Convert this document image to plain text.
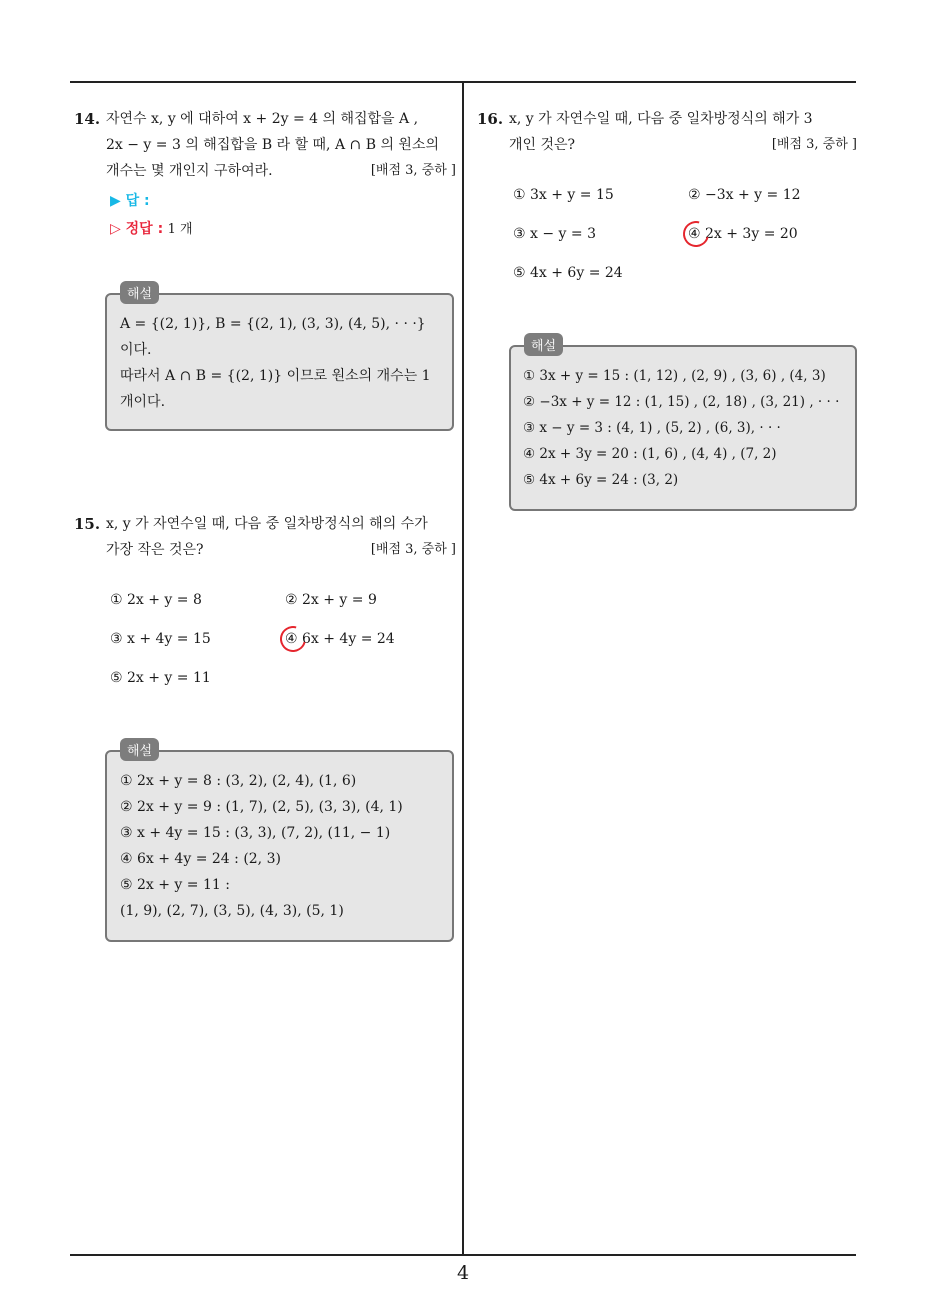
4
14. 자연수 x, y 에 대하여 x + 2y = 4 의 해집합을 A ,
2x − y = 3 의 해집합을 B 라 할 때, A ∩ B 의 원소의
개수는 몇 개인지 구하여라.	[배점 3, 중하 ]
▶ 답 :
▷ 정답 : 1 개
A = {(2, 1)}, B = {(2, 1), (3, 3), (4, 5), · · ·}
이다.
따라서 A ∩ B = {(2, 1)} 이므로 원소의 개수는 1
개이다.
해설
15. x, y 가 자연수일 때, 다음 중 일차방정식의 해의 수가
가장 작은 것은?	[배점 3, 중하 ]
① 2x + y = 8	② 2x + y = 9
③ x + 4y = 15	④ 6x + 4y = 24
⑤ 2x + y = 11
① 2x + y = 8 : (3, 2), (2, 4), (1, 6)
② 2x + y = 9 : (1, 7), (2, 5), (3, 3), (4, 1)
③ x + 4y = 15 : (3, 3), (7, 2), (11, − 1)
④ 6x + 4y = 24 : (2, 3)
⑤ 2x + y = 11 :
(1, 9), (2, 7), (3, 5), (4, 3), (5, 1)
해설
16. x, y 가 자연수일 때, 다음 중 일차방정식의 해가 3
개인 것은?	[배점 3, 중하 ]
① 3x + y = 15	② −3x + y = 12
③ x − y = 3	④ 2x + 3y = 20
⑤ 4x + 6y = 24
① 3x + y = 15 : (1, 12) , (2, 9) , (3, 6) , (4, 3)
② −3x + y = 12 : (1, 15) , (2, 18) , (3, 21) , · · ·
③ x − y = 3 : (4, 1) , (5, 2) , (6, 3), · · ·
④ 2x + 3y = 20 : (1, 6) , (4, 4) , (7, 2)
⑤ 4x + 6y = 24 : (3, 2)
해설
